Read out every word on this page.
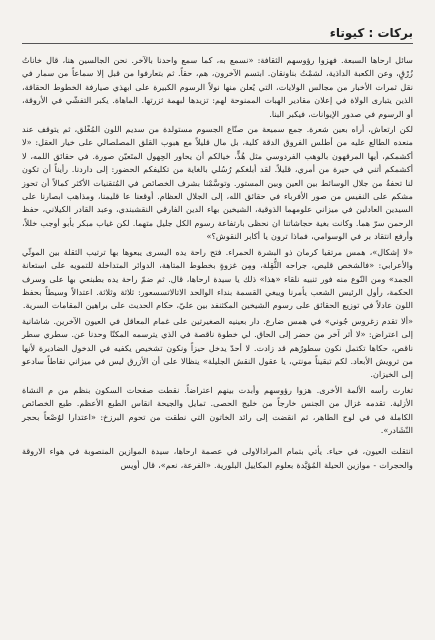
بركات : كيوتاء

سائل ارحاها السبعة. فهزوا رؤوسهم الثقافة: «نسمع به، كما سمع واحدنا بالآخر. نحن الجالسين هنا، قال خاناتُ زُرْقٍ، وعن الكعبة الداذية، لشمْتُ بناونقان. ابتسم الآخرون، هم، حقاً. ثم بتعارفوا من قبل إلا سماعاً من سمار في نقل ثمرات الأخبار من مجالس الولايات، التي يُعلن منها نولاً الرسوم الكبيرة على ابهذي صيارفة الخطوط الحقاقة، الذين يتبارى الولاة في إعلان مقادير الهبات الممنوحة لهم: تزيدها لبهمة ثزرتها. الماهاة. يكبر التفشّي في الأروقة، أو الرسوم في صدور الإيوانات، فيكبر البنا.

لكن ارتعاش، أراه بعين شعرة. جمع سميعة من صنّاع الجسوم مستولدة من سديم اللون المُغْلق، ثم يتوقف عند منعده الطالع عليه من أطلس الفروق الدقة كلية، بل مال قليلاً مع هبوب القلق المصلصالي على خيار العقل: «لا أكشمكم، أيها المرقهون بالوهب الفردوسي مثل هُذٍّ، خيالكم أن يحاور الحِهول المتَعيّن صورة. في حقائق اللمه، لا أكشمكم أتني في حيرة من أمري، قليلاً. لقد أبلغكم رُسُلي بالغاية من تكليفكم الحضور: إلى داردنا. رأيناً أن تكون لنا تحفةٌ من جلال الوسائط بين العين وبين المستور. وتوسَّمْنا بشرف الخصائص في المُتقنيات الأكثر كمالاً أن تحوز مشكم على النفيس من صور الأفرباء في حقائق الله، إلى الجلال العظام. أوقعنا عا قليمنا، ومذاهب ابصارنا على السيدين العادلين في ميزاني علومهما الذوقية، الشيخين بهاء الدين الفارقي النقشبندي، وعبد القادر الكيلاني، حفظ الرحمن سرّ هما. وكانت بغية حجاشاتنا ان نحظى بارتفاعة رسوم الكل جليل متهما. لكن غياب مبكر بأبو أوجب خللاً، وأرفع انتقاد بر في الوسوامي، فماذا ترون يا أكابر النقوش؟»

«لا إشكال»، همس مرتقيا كرمان ذو البشرة الحمراء. فتح راحة يده اليسرى يبعوها بها ترتيب الثقلة بين الموئّي والأعرابي: «فالشخص قليص، جراحه الثُّقِلة، ومِن غزوةٍ بخطوط المتاهة، الدوائر المتداخلة للتمويه على استعانة الجمد» ومن النّوع منه فور تنبيه نلقاء «هذا» ذلك يا سيدة ارحاها، قال. ثم ضمّ راحة يده بطبنعي بها على وسرف الحكمة، رأول الرئيس الشعب يأمرنا ويبغي القسمة بنداء الوالحد الاتالاتسسعور: ثلاثة وثلاثة. اعتدالاً وسيطاً بحفظ اللون عادلاً في توزيع الحقائق على رسوم الشيخين المكثنفد بين عليّ، حكام الحديث على براهين المقامات السرية.

«ألا تقدم زغروس جُوني» في همس ضارع. دار بعينيه الصغيرتين على غمام المعاقل في العيون الآخرين. شاشانية إلى اعتراض: «لا أثر آخر من حضر إلى الحاق. لي خطوة ناقصة في الذي يترسمه المكنّا وحدنا عن. سطري سطر ناقص، حكاها تكتمل نكون سطورُهم قد زادت. لا أحدّ يدخل حيزاً ونكون تشخيص يكفيه في الدخول الضاديرة لأنها من ترويش الأبعاد. لكم تبقيناً مونتي، يا عقول النقش الجليلة» ينظالا على أن الأزرق ليس في ميزاني نقاطاً سادعو إلى الخيزان.

تغارت رأسه الألمة الأخرى. هزوا رؤوسهم وأبدت بينهم اعتراضاً. نقطت صفحات السكون بنظم من م النشاة الأزلية. تقدمه غزال من الجنس خارجاً من خليج الحصى. تمايل والجيحة انقاس الطبع الأعظم. طبع الخصائص الكاملة في في لوح الطاهر، ثم انقضت إلى رائد الخاتون التي نطقت من تحوم البرزخ: «اعتدارا لوُصْعاً بحجر النّشَادر».

انتقلت العيون، في حياء. يأتي بتمام المرادالاولى في عصمة ارحاها، سيدة الموازين المنصوبة في هواء الاروقة والحجرات - موازين الحيلة المُؤيَّدة بعلوم المكاييل البلورية. «الفرعة، نعم»، قال أويس
